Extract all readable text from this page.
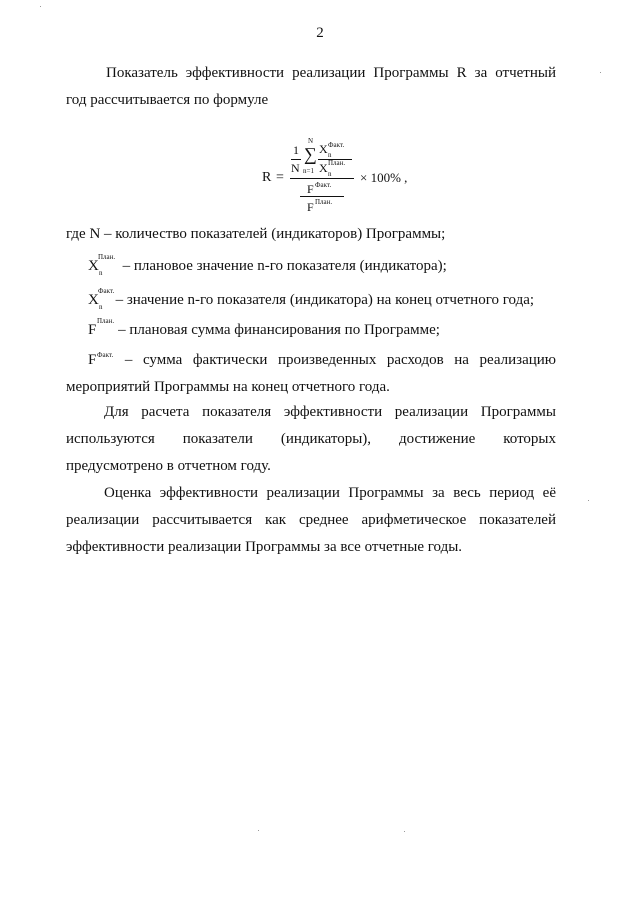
2
Показатель эффективности реализации Программы R за отчетный
год рассчитывается по формуле
R =
1
N
N
∑
n=1
X Факт.
n
X План.
n × 100% ,
F Факт.
F План.
где N – количество показателей (индикаторов) Программы;
X
План.
n – плановое значение n-го показателя (индикатора);
X
Факт.
n – значение n-го показателя (индикатора) на конец отчетного года;
F
План.
– плановая сумма финансирования по Программе;
F Факт. – сумма фактически произведенных расходов на реализацию
мероприятий Программы на конец отчетного года.
Для расчета показателя эффективности реализации Программы
используются показатели (индикаторы), достижение которых
предусмотрено в отчетном году.
Оценка эффективности реализации Программы за весь период её
реализации рассчитывается как среднее арифметическое показателей
эффективности реализации Программы за все отчетные годы.
